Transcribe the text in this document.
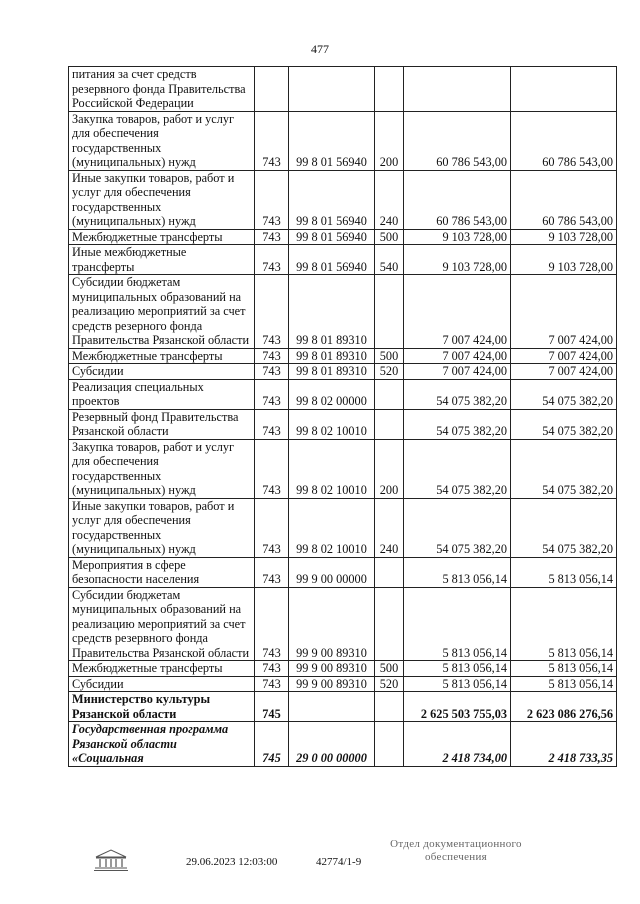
477
питания за счет средств резервного фонда Правительства Российской Федерации					
Закупка товаров, работ и услуг для обеспечения государственных (муниципальных) нужд	743	99 8 01 56940	200	60 786 543,00	60 786 543,00
Иные закупки товаров, работ и услуг для обеспечения государственных (муниципальных) нужд	743	99 8 01 56940	240	60 786 543,00	60 786 543,00
Межбюджетные трансферты	743	99 8 01 56940	500	9 103 728,00	9 103 728,00
Иные межбюджетные трансферты	743	99 8 01 56940	540	9 103 728,00	9 103 728,00
Субсидии бюджетам муниципальных образований на реализацию мероприятий за счет средств резерного фонда Правительства Рязанской области	743	99 8 01 89310		7 007 424,00	7 007 424,00
Межбюджетные трансферты	743	99 8 01 89310	500	7 007 424,00	7 007 424,00
Субсидии	743	99 8 01 89310	520	7 007 424,00	7 007 424,00
Реализация специальных проектов	743	99 8 02 00000		54 075 382,20	54 075 382,20
Резервный фонд Правительства Рязанской области	743	99 8 02 10010		54 075 382,20	54 075 382,20
Закупка товаров, работ и услуг для обеспечения государственных (муниципальных) нужд	743	99 8 02 10010	200	54 075 382,20	54 075 382,20
Иные закупки товаров, работ и услуг для обеспечения государственных (муниципальных) нужд	743	99 8 02 10010	240	54 075 382,20	54 075 382,20
Мероприятия в сфере безопасности населения	743	99 9 00 00000		5 813 056,14	5 813 056,14
Субсидии бюджетам муниципальных образований на реализацию мероприятий за счет средств резервного фонда Правительства Рязанской области	743	99 9 00 89310		5 813 056,14	5 813 056,14
Межбюджетные трансферты	743	99 9 00 89310	500	5 813 056,14	5 813 056,14
Субсидии	743	99 9 00 89310	520	5 813 056,14	5 813 056,14
Министерство культуры Рязанской области	745			2 625 503 755,03	2 623 086 276,56
Государственная программа Рязанской области «Социальная	745	29 0 00 00000		2 418 734,00	2 418 733,35
29.06.2023 12:03:00	42774/1-9
Отдел документационного
обеспечения
